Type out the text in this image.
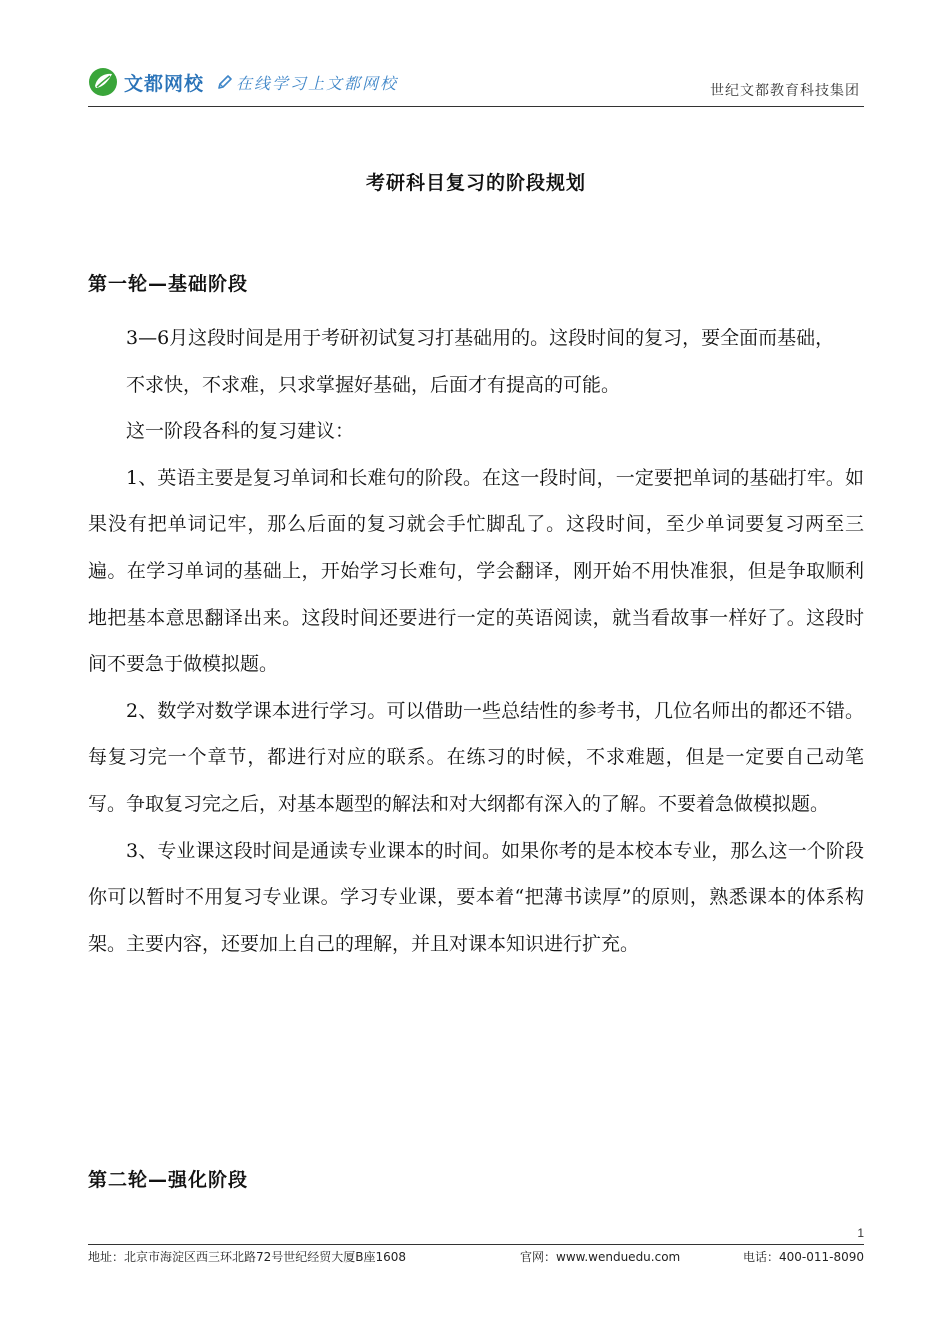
文都网校 在线学习上文都网校	世纪文都教育科技集团
考研科目复习的阶段规划
第一轮—基础阶段

3—6月这段时间是用于考研初试复习打基础用的。这段时间的复习，要全面而基础，

不求快，不求难，只求掌握好基础，后面才有提高的可能。

这一阶段各科的复习建议：

1、英语主要是复习单词和长难句的阶段。在这一段时间，一定要把单词的基础打牢。如果没有把单词记牢，那么后面的复习就会手忙脚乱了。这段时间，至少单词要复习两至三遍。在学习单词的基础上，开始学习长难句，学会翻译，刚开始不用快准狠，但是争取顺利地把基本意思翻译出来。这段时间还要进行一定的英语阅读，就当看故事一样好了。这段时间不要急于做模拟题。

2、数学对数学课本进行学习。可以借助一些总结性的参考书，几位名师出的都还不错。每复习完一个章节，都进行对应的联系。在练习的时候，不求难题，但是一定要自己动笔写。争取复习完之后，对基本题型的解法和对大纲都有深入的了解。不要着急做模拟题。

3、专业课这段时间是通读专业课本的时间。如果你考的是本校本专业，那么这一个阶段你可以暂时不用复习专业课。学习专业课，要本着“把薄书读厚”的原则，熟悉课本的体系构架。主要内容，还要加上自己的理解，并且对课本知识进行扩充。

第二轮—强化阶段
1
地址：北京市海淀区西三环北路72号世纪经贸大厦B座1608	官网：www.wenduedu.com	电话：400-011-8090
